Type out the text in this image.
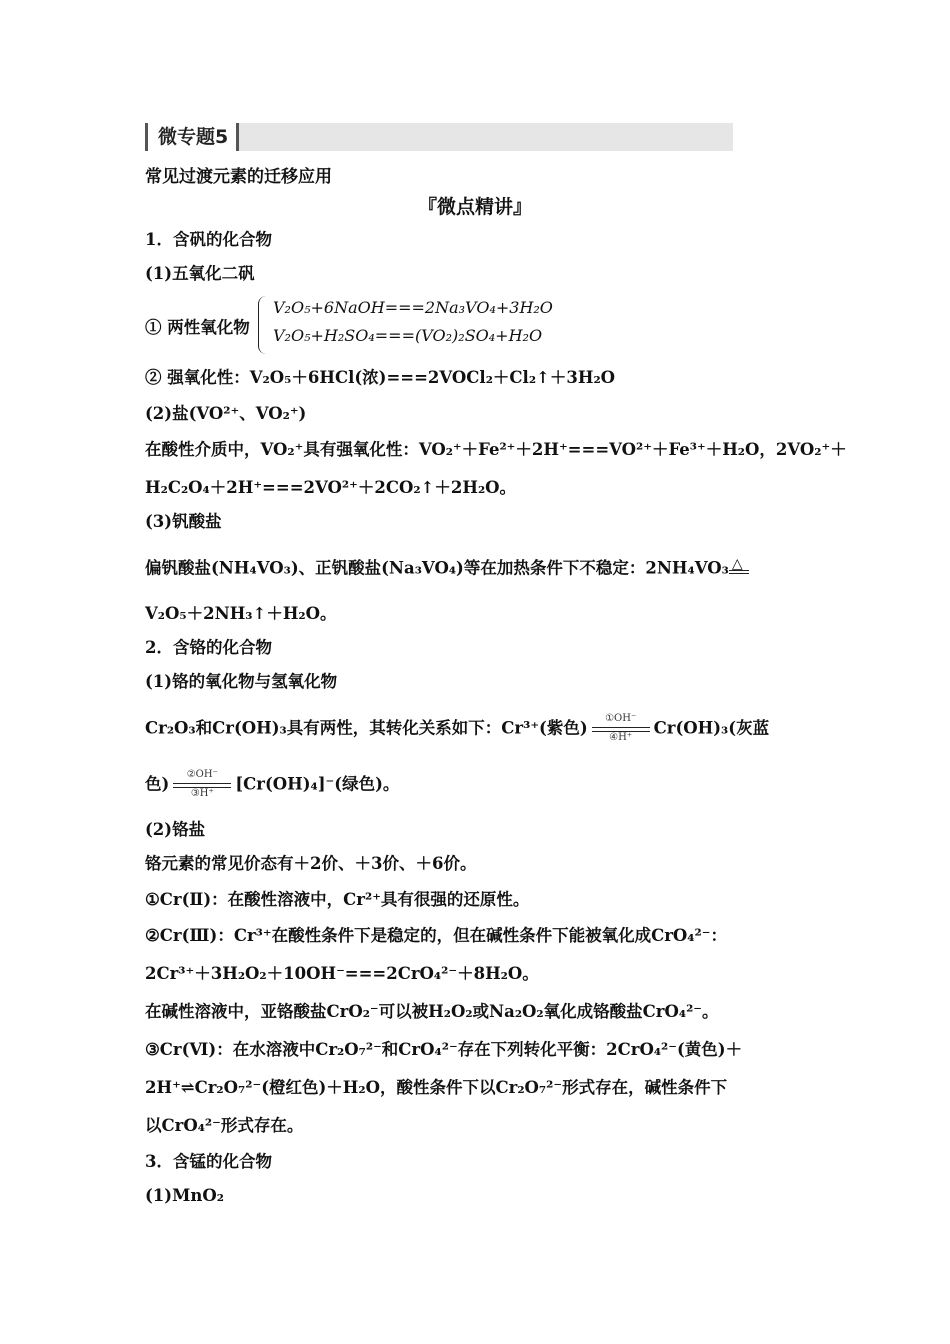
微专题5
常见过渡元素的迁移应用
『微点精讲』
1．含矾的化合物
(1)五氧化二矾
① 两性氧化物
V₂O₅+6NaOH===2Na₃VO₄+3H₂O
V₂O₅+H₂SO₄===(VO₂)₂SO₄+H₂O
② 强氧化性：V₂O₅＋6HCl(浓)===2VOCl₂＋Cl₂↑＋3H₂O
(2)盐(VO²⁺、VO₂⁺)
在酸性介质中，VO₂⁺具有强氧化性：VO₂⁺＋Fe²⁺＋2H⁺===VO²⁺＋Fe³⁺＋H₂O，2VO₂⁺＋
H₂C₂O₄＋2H⁺===2VO²⁺＋2CO₂↑＋2H₂O。
(3)钒酸盐
偏钒酸盐(NH₄VO₃)、正钒酸盐(Na₃VO₄)等在加热条件下不稳定：2NH₄VO₃ △
V₂O₅＋2NH₃↑＋H₂O。
2．含铬的化合物
(1)铬的氧化物与氢氧化物
Cr₂O₃和Cr(OH)₃具有两性，其转化关系如下：Cr³⁺(紫色) $\frac{\text{①OH⁻}}{\text{④H⁺}} Cr(OH)_3$(灰蓝
色) $\frac{\text{②OH⁻}}{\text{③H⁺}} [Cr(OH)_4]^-$(绿色)。
(2)铬盐
铬元素的常见价态有＋2价、＋3价、＋6价。
①Cr(Ⅱ)：在酸性溶液中，Cr²⁺具有很强的还原性。
②Cr(Ⅲ)：Cr³⁺在酸性条件下是稳定的，但在碱性条件下能被氧化成CrO₄²⁻：
2Cr³⁺＋3H₂O₂＋10OH⁻===2CrO₄²⁻＋8H₂O。
在碱性溶液中，亚铬酸盐CrO₂⁻可以被H₂O₂或Na₂O₂氧化成铬酸盐CrO₄²⁻。
③Cr(Ⅵ)：在水溶液中Cr₂O₇²⁻和CrO₄²⁻存在下列转化平衡：2CrO₄²⁻(黄色)＋
2H⁺⇌Cr₂O₇²⁻(橙红色)＋H₂O，酸性条件下以Cr₂O₇²⁻形式存在，碱性条件下
以CrO₄²⁻形式存在。
3．含锰的化合物
(1)MnO₂
